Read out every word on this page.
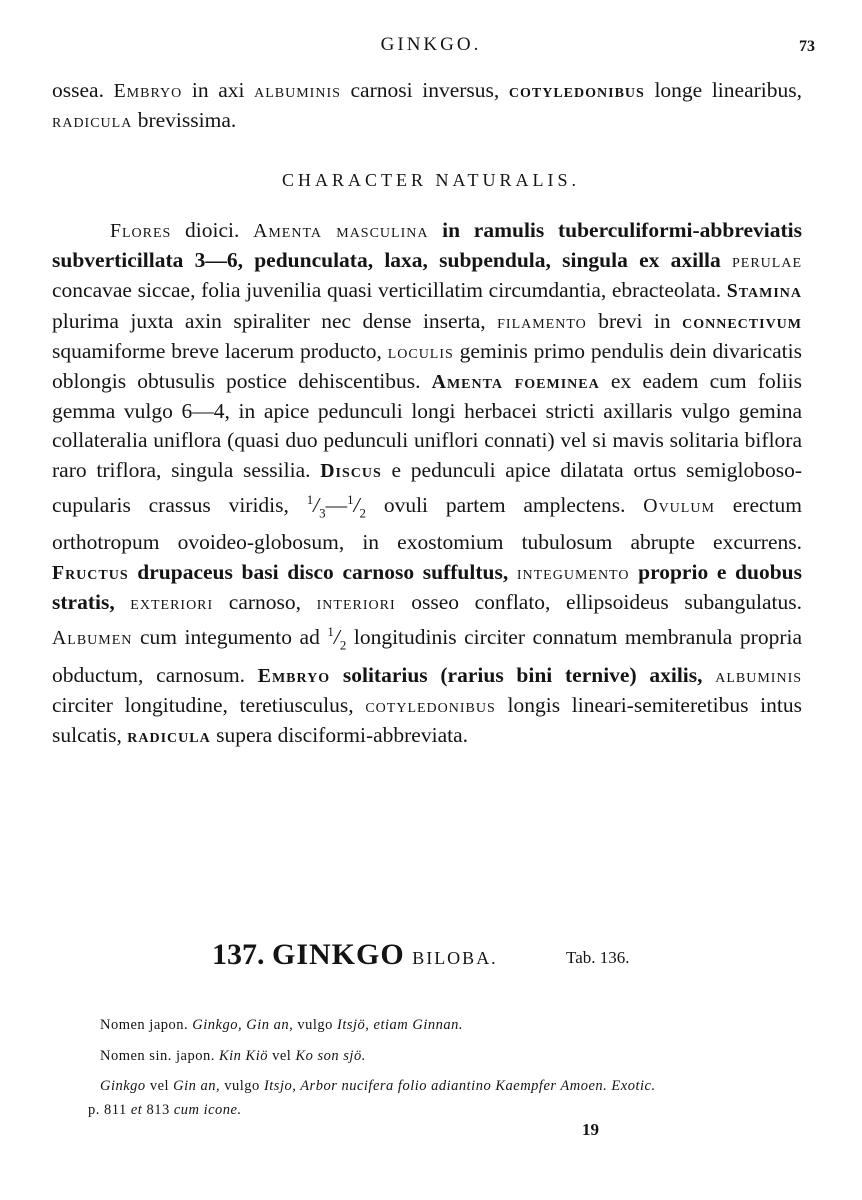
GINKGO.	73
ossea. Embryo in axi albuminis carnosi inversus, cotyledonibus longe linearibus, radicula brevissima.
CHARACTER NATURALIS.
Flores dioici. Amenta masculina in ramulis tuberculiformi-abbreviatis subverticillata 3—6, pedunculata, laxa, subpendula, singula ex axilla perulae concavae siccae, folia juvenilia quasi verticillatim circumdantia, ebracteolata. Stamina plurima juxta axin spiraliter nec dense inserta, filamento brevi in connectivum squamiforme breve lacerum producto, loculis geminis primo pendulis dein divaricatis oblongis obtusulis postice dehiscentibus. Amenta foeminea ex eadem cum foliis gemma vulgo 6—4, in apice pedunculi longi herbacei stricti axillaris vulgo gemina collateralia uniflora (quasi duo pedunculi uniflori connati) vel si mavis solitaria biflora raro triflora, singula sessilia. Discus e pedunculi apice dilatata ortus semigloboso-cupularis crassus viridis, $^1/_3—^1/_2$ ovuli partem amplectens. Ovulum erectum orthotropum ovoideo-globosum, in exostomium tubulosum abrupte excurrens. Fructus drupaceus basi disco carnoso suffultus, integumento proprio e duobus stratis, exteriori carnoso, interiori osseo conflato, ellipsoideus subangulatus. Albumen cum integumento ad $^1/_2$ longitudinis circiter connatum membranula propria obductum, carnosum. Embryo solitarius (rarius bini ternive) axilis, albuminis circiter longitudine, teretiusculus, cotyledonibus longis lineari-semiteretibus intus sulcatis, radicula supera disciformi-abbreviata.
137. GINKGO BILOBA.	Tab. 136.
Nomen japon. Ginkgo, Gin an, vulgo Itsjö, etiam Ginnan.
Nomen sin. japon. Kin Kiö vel Ko son sjö.
Ginkgo vel Gin an, vulgo Itsjo, Arbor nucifera folio adiantino Kaempfer Amoen. Exotic.
p. 811 et 813 cum icone.
19
